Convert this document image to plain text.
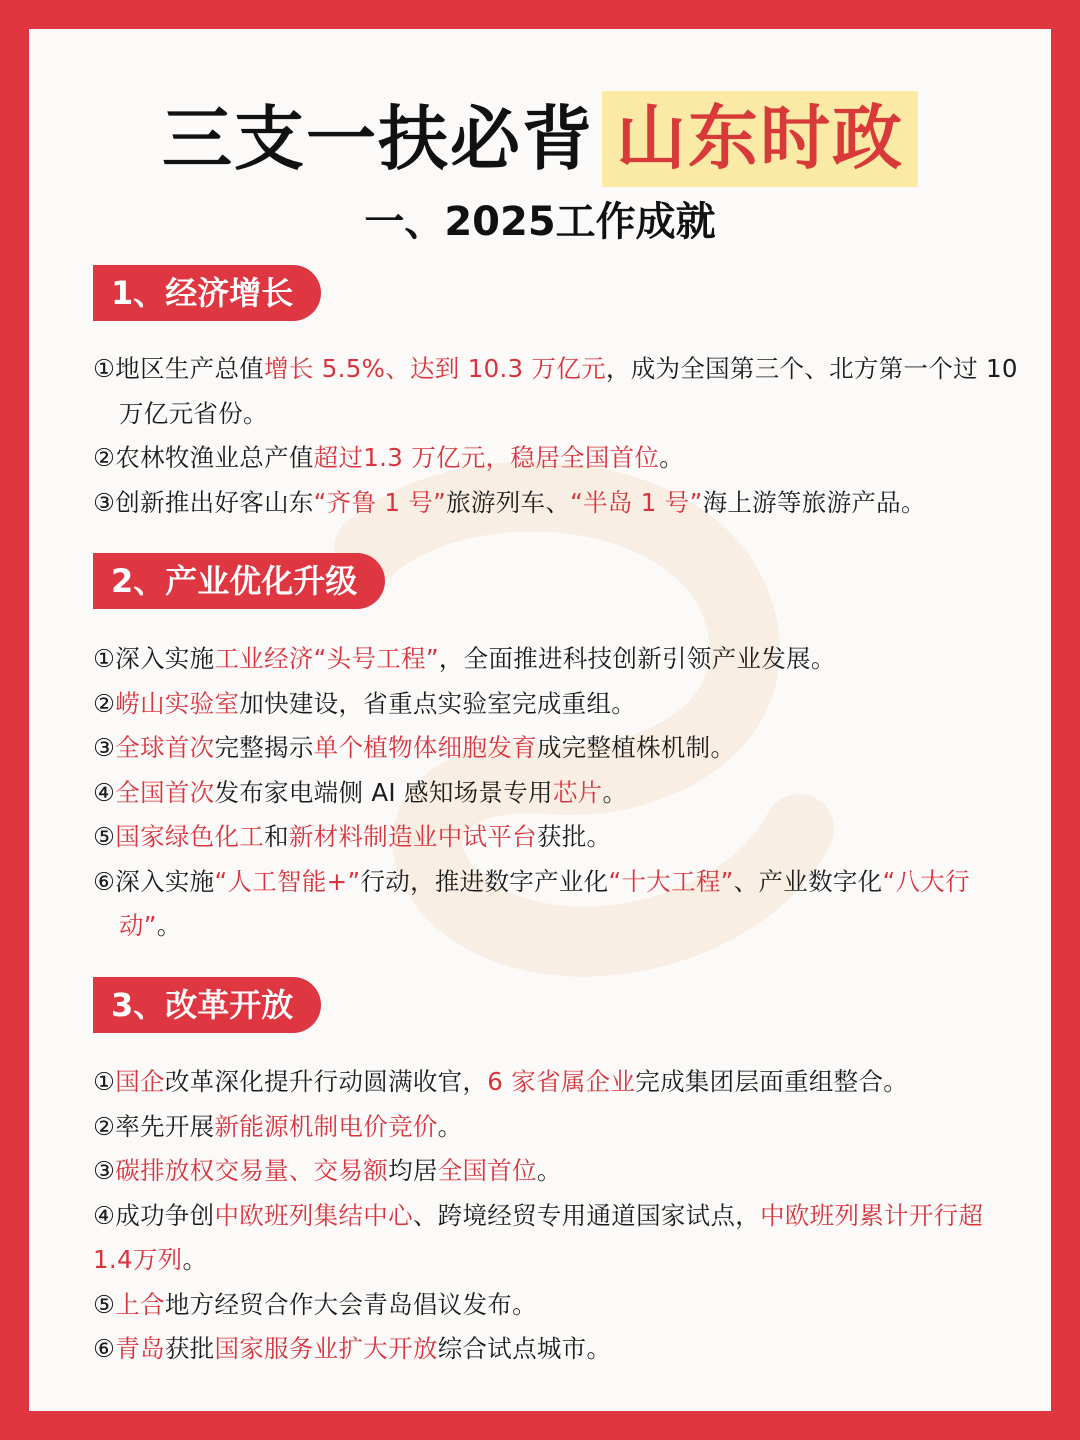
三支一扶必背 山东时政
一、2025工作成就
1、经济增长
①地区生产总值增长 5.5%、达到 10.3 万亿元，成为全国第三个、北方第一个过 10 万亿元省份。
②农林牧渔业总产值超过1.3 万亿元，稳居全国首位。
③创新推出好客山东“齐鲁 1 号”旅游列车、“半岛 1 号”海上游等旅游产品。
2、产业优化升级
①深入实施工业经济“头号工程”，全面推进科技创新引领产业发展。
②崂山实验室加快建设，省重点实验室完成重组。
③全球首次完整揭示单个植物体细胞发育成完整植株机制。
④全国首次发布家电端侧 AI 感知场景专用芯片。
⑤国家绿色化工和新材料制造业中试平台获批。
⑥深入实施“人工智能+”行动，推进数字产业化“十大工程”、产业数字化“八大行动”。
3、改革开放
①国企改革深化提升行动圆满收官，6 家省属企业完成集团层面重组整合。
②率先开展新能源机制电价竞价。
③碳排放权交易量、交易额均居全国首位。
④成功争创中欧班列集结中心、跨境经贸专用通道国家试点，中欧班列累计开行超 1.4万列。
⑤上合地方经贸合作大会青岛倡议发布。
⑥青岛获批国家服务业扩大开放综合试点城市。
